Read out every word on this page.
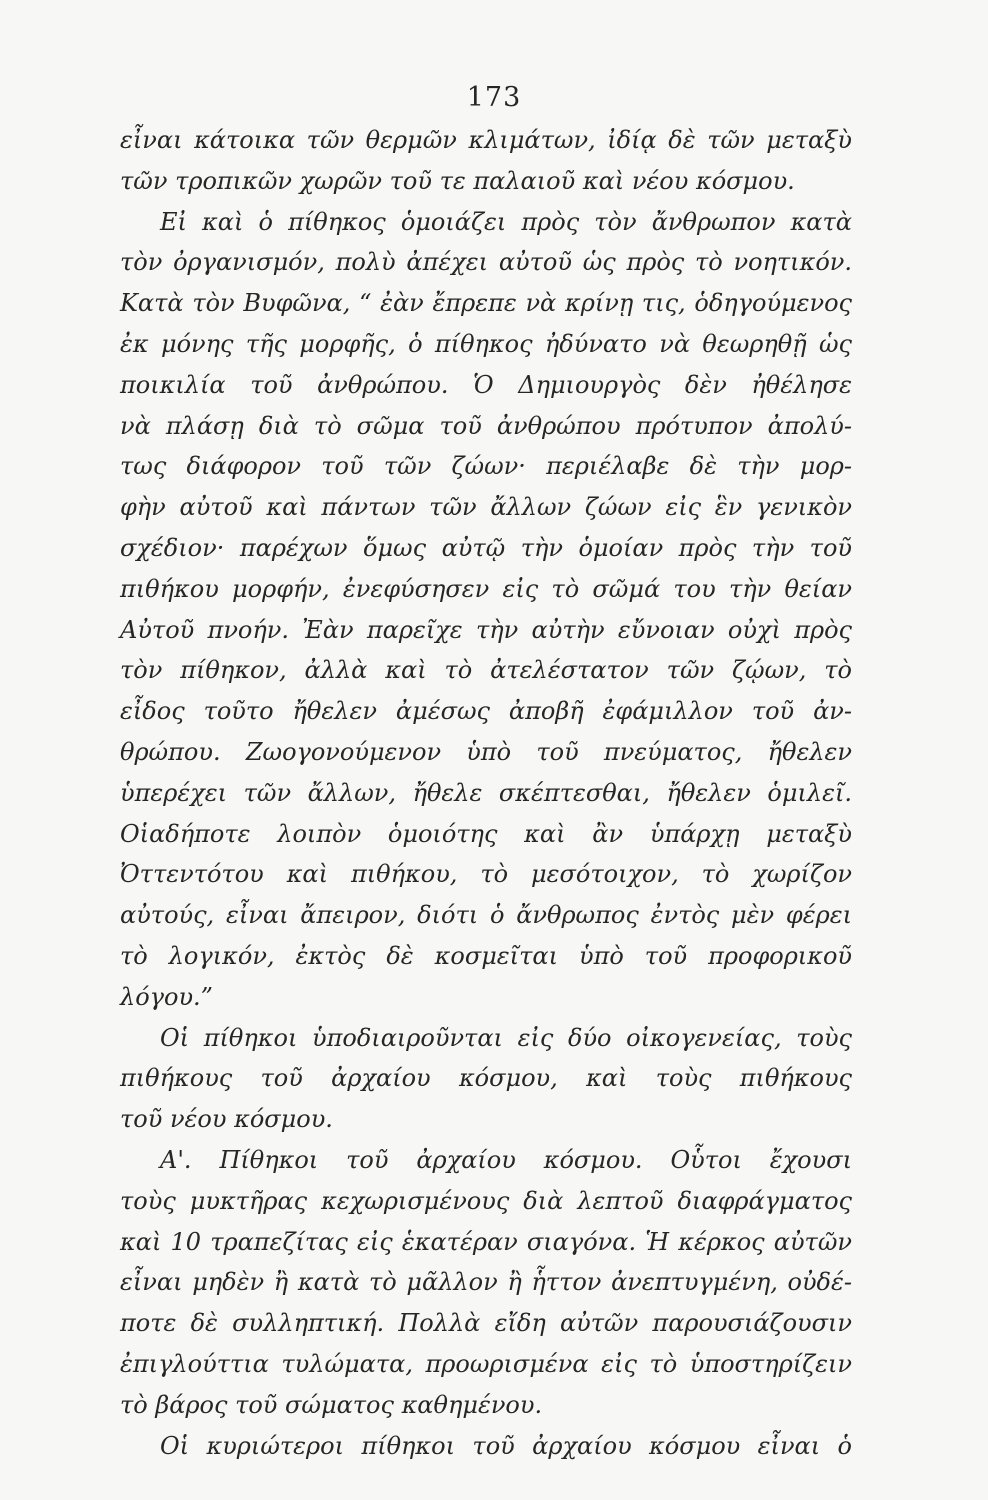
173
εἶναι κάτοικα τῶν θερμῶν κλιμάτων, ἰδίᾳ δὲ τῶν μεταξὺ
τῶν τροπικῶν χωρῶν τοῦ τε παλαιοῦ καὶ νέου κόσμου.
Εἰ καὶ ὁ πίθηκος ὁμοιάζει πρὸς τὸν ἄνθρωπον κατὰ
τὸν ὀργανισμόν, πολὺ ἀπέχει αὐτοῦ ὡς πρὸς τὸ νοητικόν.
Κατὰ τὸν Βυφῶνα, “ ἐὰν ἔπρεπε νὰ κρίνῃ τις, ὁδηγούμενος
ἐκ μόνης τῆς μορφῆς, ὁ πίθηκος ἠδύνατο νὰ θεωρηθῇ ὡς
ποικιλία τοῦ ἀνθρώπου. Ὁ Δημιουργὸς δὲν ἠθέλησε
νὰ πλάσῃ διὰ τὸ σῶμα τοῦ ἀνθρώπου πρότυπον ἀπολύ-
τως διάφορον τοῦ τῶν ζώων· περιέλαβε δὲ τὴν μορ-
φὴν αὐτοῦ καὶ πάντων τῶν ἄλλων ζώων εἰς ἓν γενικὸν
σχέδιον· παρέχων ὅμως αὐτῷ τὴν ὁμοίαν πρὸς τὴν τοῦ
πιθήκου μορφήν, ἐνεφύσησεν εἰς τὸ σῶμά του τὴν θείαν
Αὐτοῦ πνοήν. Ἐὰν παρεῖχε τὴν αὐτὴν εὔνοιαν οὐχὶ πρὸς
τὸν πίθηκον, ἀλλὰ καὶ τὸ ἀτελέστατον τῶν ζῴων, τὸ
εἶδος τοῦτο ἤθελεν ἀμέσως ἀποβῆ ἐφάμιλλον τοῦ ἀν-
θρώπου. Ζωογονούμενον ὑπὸ τοῦ πνεύματος, ἤθελεν
ὑπερέχει τῶν ἄλλων, ἤθελε σκέπτεσθαι, ἤθελεν ὁμιλεῖ.
Οἱαδήποτε λοιπὸν ὁμοιότης καὶ ἂν ὑπάρχῃ μεταξὺ
Ὀττεντότου καὶ πιθήκου, τὸ μεσότοιχον, τὸ χωρίζον
αὐτούς, εἶναι ἄπειρον, διότι ὁ ἄνθρωπος ἐντὸς μὲν φέρει
τὸ λογικόν, ἐκτὸς δὲ κοσμεῖται ὑπὸ τοῦ προφορικοῦ
λόγου.”
Οἱ πίθηκοι ὑποδιαιροῦνται εἰς δύο οἰκογενείας, τοὺς
πιθήκους τοῦ ἀρχαίου κόσμου, καὶ τοὺς πιθήκους
τοῦ νέου κόσμου.
Α'. Πίθηκοι τοῦ ἀρχαίου κόσμου. Οὗτοι ἔχουσι
τοὺς μυκτῆρας κεχωρισμένους διὰ λεπτοῦ διαφράγματος
καὶ 10 τραπεζίτας εἰς ἑκατέραν σιαγόνα. Ἡ κέρκος αὐτῶν
εἶναι μηδὲν ἢ κατὰ τὸ μᾶλλον ἢ ἧττον ἀνεπτυγμένη, οὐδέ-
ποτε δὲ συλληπτική. Πολλὰ εἴδη αὐτῶν παρουσιάζουσιν
ἐπιγλούττια τυλώματα, προωρισμένα εἰς τὸ ὑποστηρίζειν
τὸ βάρος τοῦ σώματος καθημένου.
Οἱ κυριώτεροι πίθηκοι τοῦ ἀρχαίου κόσμου εἶναι ὁ
